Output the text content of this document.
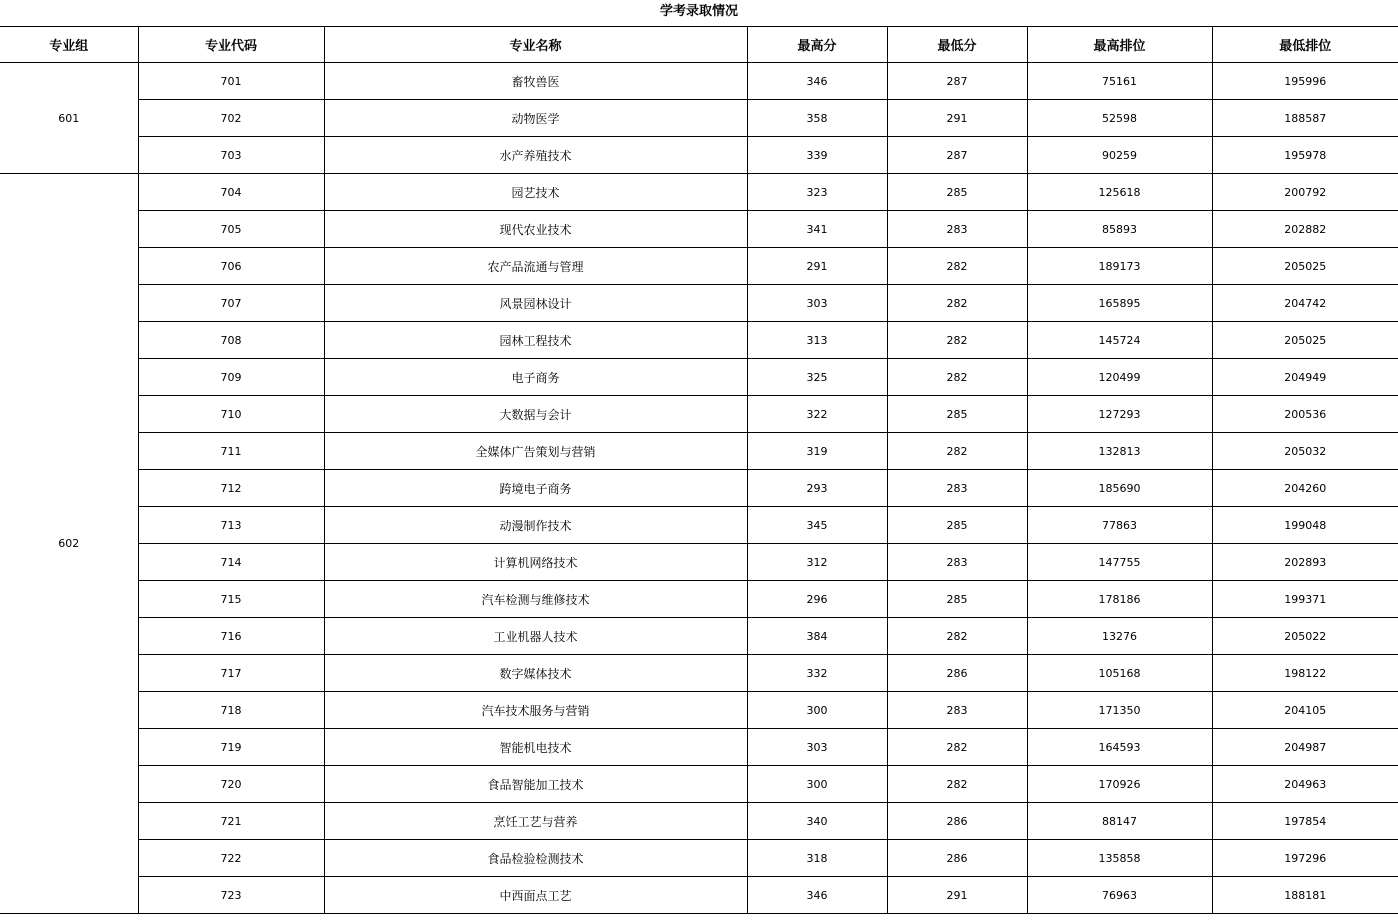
学考录取情况
专业组	专业代码	专业名称	最高分	最低分	最高排位	最低排位
601	701	畜牧兽医	346	287	75161	195996
	702	动物医学	358	291	52598	188587
	703	水产养殖技术	339	287	90259	195978
602	704	园艺技术	323	285	125618	200792
	705	现代农业技术	341	283	85893	202882
	706	农产品流通与管理	291	282	189173	205025
	707	风景园林设计	303	282	165895	204742
	708	园林工程技术	313	282	145724	205025
	709	电子商务	325	282	120499	204949
	710	大数据与会计	322	285	127293	200536
	711	全媒体广告策划与营销	319	282	132813	205032
	712	跨境电子商务	293	283	185690	204260
	713	动漫制作技术	345	285	77863	199048
	714	计算机网络技术	312	283	147755	202893
	715	汽车检测与维修技术	296	285	178186	199371
	716	工业机器人技术	384	282	13276	205022
	717	数字媒体技术	332	286	105168	198122
	718	汽车技术服务与营销	300	283	171350	204105
	719	智能机电技术	303	282	164593	204987
	720	食品智能加工技术	300	282	170926	204963
	721	烹饪工艺与营养	340	286	88147	197854
	722	食品检验检测技术	318	286	135858	197296
	723	中西面点工艺	346	291	76963	188181
